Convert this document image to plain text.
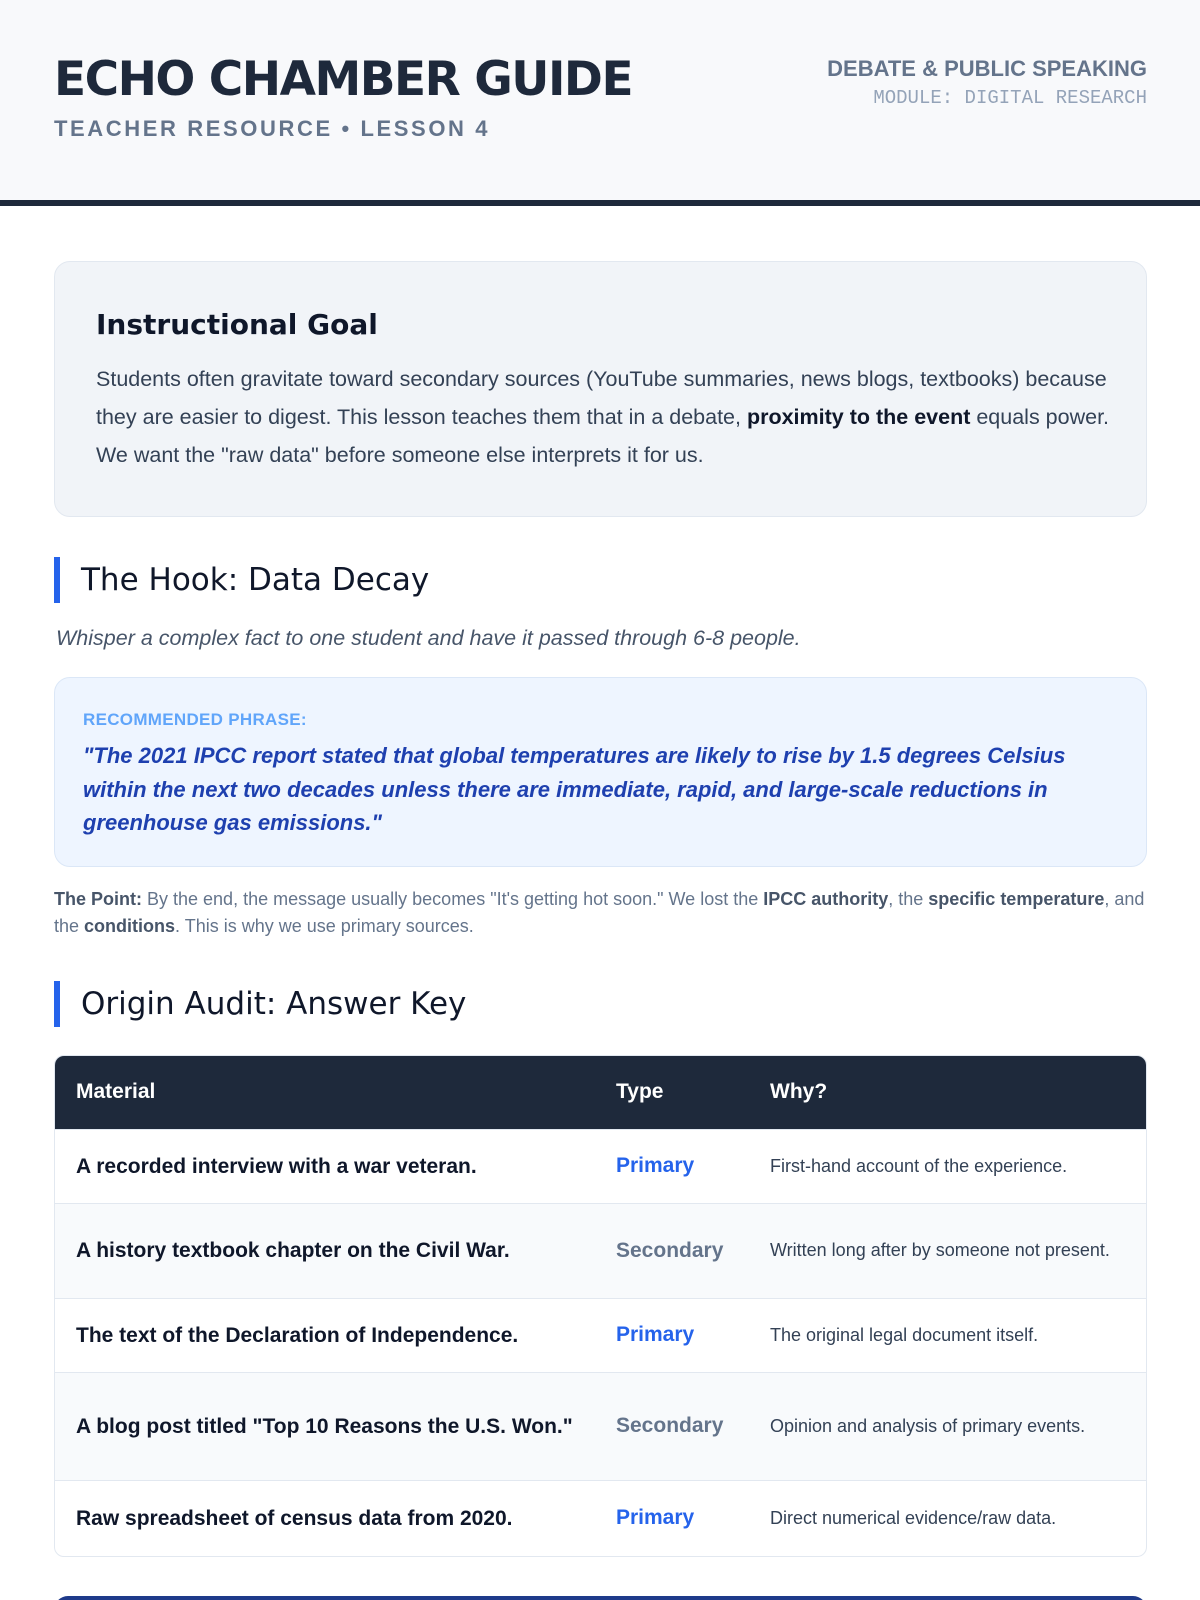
ECHO CHAMBER GUIDE
TEACHER RESOURCE • LESSON 4
DEBATE & PUBLIC SPEAKING
MODULE: DIGITAL RESEARCH
Instructional Goal

Students often gravitate toward secondary sources (YouTube summaries, news blogs, textbooks) because they are easier to digest. This lesson teaches them that in a debate, proximity to the event equals power. We want the "raw data" before someone else interprets it for us.

The Hook: Data Decay
Whisper a complex fact to one student and have it passed through 6-8 people.
RECOMMENDED PHRASE:
"The 2021 IPCC report stated that global temperatures are likely to rise by 1.5 degrees Celsius within the next two decades unless there are immediate, rapid, and large-scale reductions in greenhouse gas emissions."

The Point: By the end, the message usually becomes "It's getting hot soon." We lost the IPCC authority, the specific temperature, and the conditions. This is why we use primary sources.

Origin Audit: Answer Key
Material	Type	Why?
A recorded interview with a war veteran.	Primary	First-hand account of the experience.
A history textbook chapter on the Civil War.	Secondary	Written long after by someone not present.
The text of the Declaration of Independence.	Primary	The original legal document itself.
A blog post titled "Top 10 Reasons the U.S. Won."	Secondary	Opinion and analysis of primary events.
Raw spreadsheet of census data from 2020.	Primary	Direct numerical evidence/raw data.
